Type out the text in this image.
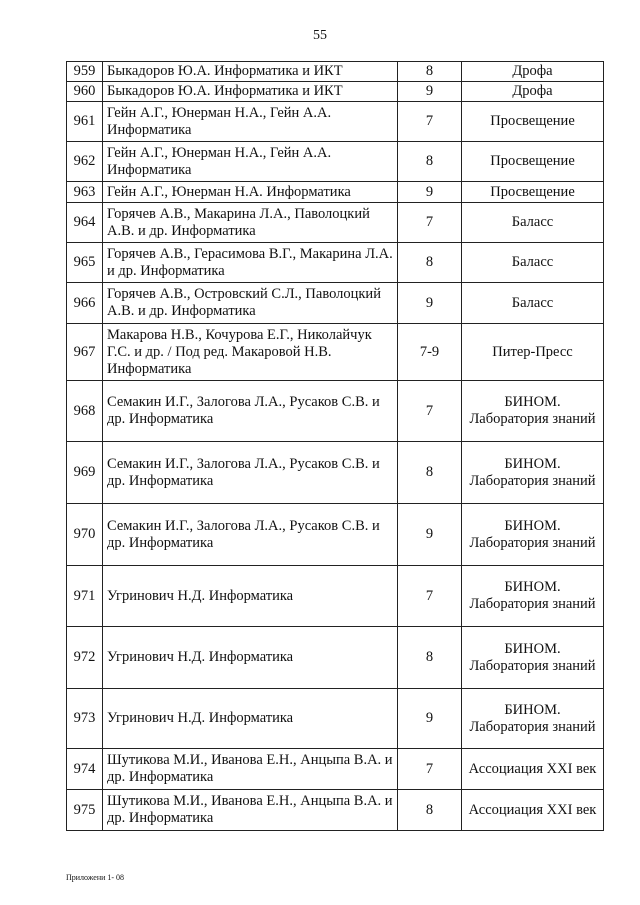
55
959	Быкадоров Ю.А. Информатика и ИКТ	8	Дрофа
960	Быкадоров Ю.А. Информатика и ИКТ	9	Дрофа
961	Гейн А.Г., Юнерман Н.А., Гейн А.А. Информатика	7	Просвещение
962	Гейн А.Г., Юнерман Н.А., Гейн А.А. Информатика	8	Просвещение
963	Гейн А.Г., Юнерман Н.А. Информатика	9	Просвещение
964	Горячев А.В., Макарина Л.А., Паволоцкий А.В. и др. Информатика	7	Баласс
965	Горячев А.В., Герасимова В.Г., Макарина Л.А. и др. Информатика	8	Баласс
966	Горячев А.В., Островский С.Л., Паволоцкий А.В. и др. Информатика	9	Баласс
967	Макарова Н.В., Кочурова Е.Г., Николайчук Г.С. и др. / Под ред. Макаровой Н.В. Информатика	7-9	Питер-Пресс
968	Семакин И.Г., Залогова Л.А., Русаков С.В. и др. Информатика	7	БИНОМ. Лаборатория знаний
969	Семакин И.Г., Залогова Л.А., Русаков С.В. и др. Информатика	8	БИНОМ. Лаборатория знаний
970	Семакин И.Г., Залогова Л.А., Русаков С.В. и др. Информатика	9	БИНОМ. Лаборатория знаний
971	Угринович Н.Д. Информатика	7	БИНОМ. Лаборатория знаний
972	Угринович Н.Д. Информатика	8	БИНОМ. Лаборатория знаний
973	Угринович Н.Д. Информатика	9	БИНОМ. Лаборатория знаний
974	Шутикова М.И., Иванова Е.Н., Анцыпа В.А. и др. Информатика	7	Ассоциация XXI век
975	Шутикова М.И., Иванова Е.Н., Анцыпа В.А. и др. Информатика	8	Ассоциация XXI век
Приложени 1- 08
